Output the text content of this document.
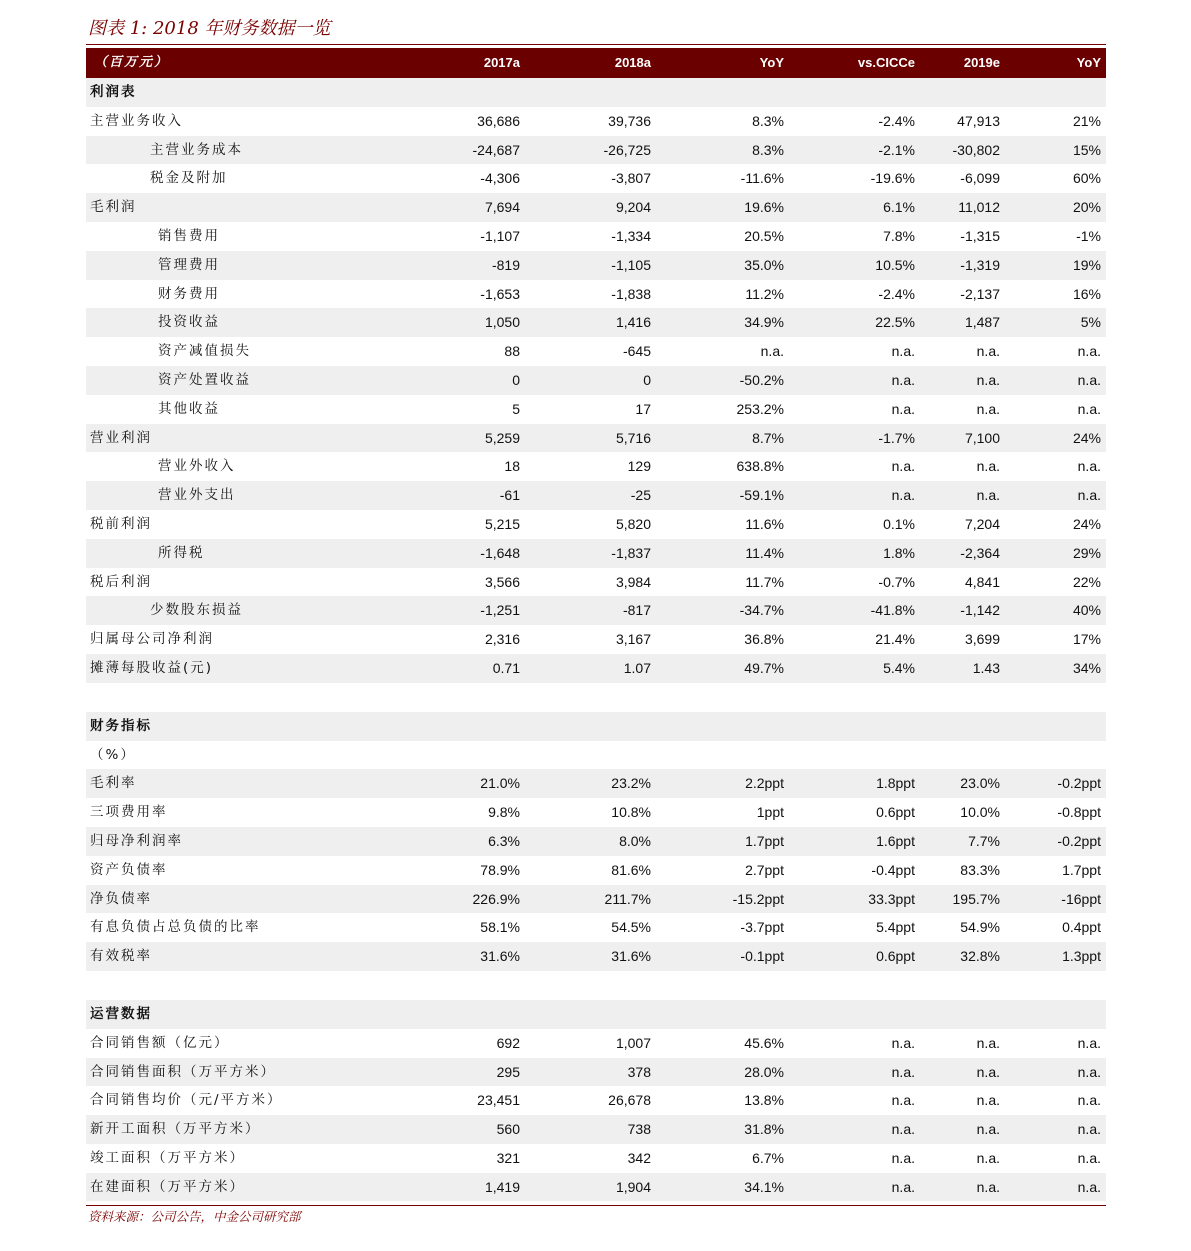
图表 1: 2018 年财务数据一览
（百万元）	2017a	2018a	YoY	vs.CICCe	2019e	YoY
利润表
主营业务收入	36,686	39,736	8.3%	-2.4%	47,913	21%
主营业务成本	-24,687	-26,725	8.3%	-2.1%	-30,802	15%
税金及附加	-4,306	-3,807	-11.6%	-19.6%	-6,099	60%
毛利润	7,694	9,204	19.6%	6.1%	11,012	20%
销售费用	-1,107	-1,334	20.5%	7.8%	-1,315	-1%
管理费用	-819	-1,105	35.0%	10.5%	-1,319	19%
财务费用	-1,653	-1,838	11.2%	-2.4%	-2,137	16%
投资收益	1,050	1,416	34.9%	22.5%	1,487	5%
资产减值损失	88	-645	n.a.	n.a.	n.a.	n.a.
资产处置收益	0	0	-50.2%	n.a.	n.a.	n.a.
其他收益	5	17	253.2%	n.a.	n.a.	n.a.
营业利润	5,259	5,716	8.7%	-1.7%	7,100	24%
营业外收入	18	129	638.8%	n.a.	n.a.	n.a.
营业外支出	-61	-25	-59.1%	n.a.	n.a.	n.a.
税前利润	5,215	5,820	11.6%	0.1%	7,204	24%
所得税	-1,648	-1,837	11.4%	1.8%	-2,364	29%
税后利润	3,566	3,984	11.7%	-0.7%	4,841	22%
少数股东损益	-1,251	-817	-34.7%	-41.8%	-1,142	40%
归属母公司净利润	2,316	3,167	36.8%	21.4%	3,699	17%
摊薄每股收益(元)	0.71	1.07	49.7%	5.4%	1.43	34%
财务指标
（%）
毛利率	21.0%	23.2%	2.2ppt	1.8ppt	23.0%	-0.2ppt
三项费用率	9.8%	10.8%	1ppt	0.6ppt	10.0%	-0.8ppt
归母净利润率	6.3%	8.0%	1.7ppt	1.6ppt	7.7%	-0.2ppt
资产负债率	78.9%	81.6%	2.7ppt	-0.4ppt	83.3%	1.7ppt
净负债率	226.9%	211.7%	-15.2ppt	33.3ppt	195.7%	-16ppt
有息负债占总负债的比率	58.1%	54.5%	-3.7ppt	5.4ppt	54.9%	0.4ppt
有效税率	31.6%	31.6%	-0.1ppt	0.6ppt	32.8%	1.3ppt
运营数据
合同销售额（亿元）	692	1,007	45.6%	n.a.	n.a.	n.a.
合同销售面积（万平方米）	295	378	28.0%	n.a.	n.a.	n.a.
合同销售均价（元/平方米）	23,451	26,678	13.8%	n.a.	n.a.	n.a.
新开工面积（万平方米）	560	738	31.8%	n.a.	n.a.	n.a.
竣工面积（万平方米）	321	342	6.7%	n.a.	n.a.	n.a.
在建面积（万平方米）	1,419	1,904	34.1%	n.a.	n.a.	n.a.
资料来源：公司公告，中金公司研究部
